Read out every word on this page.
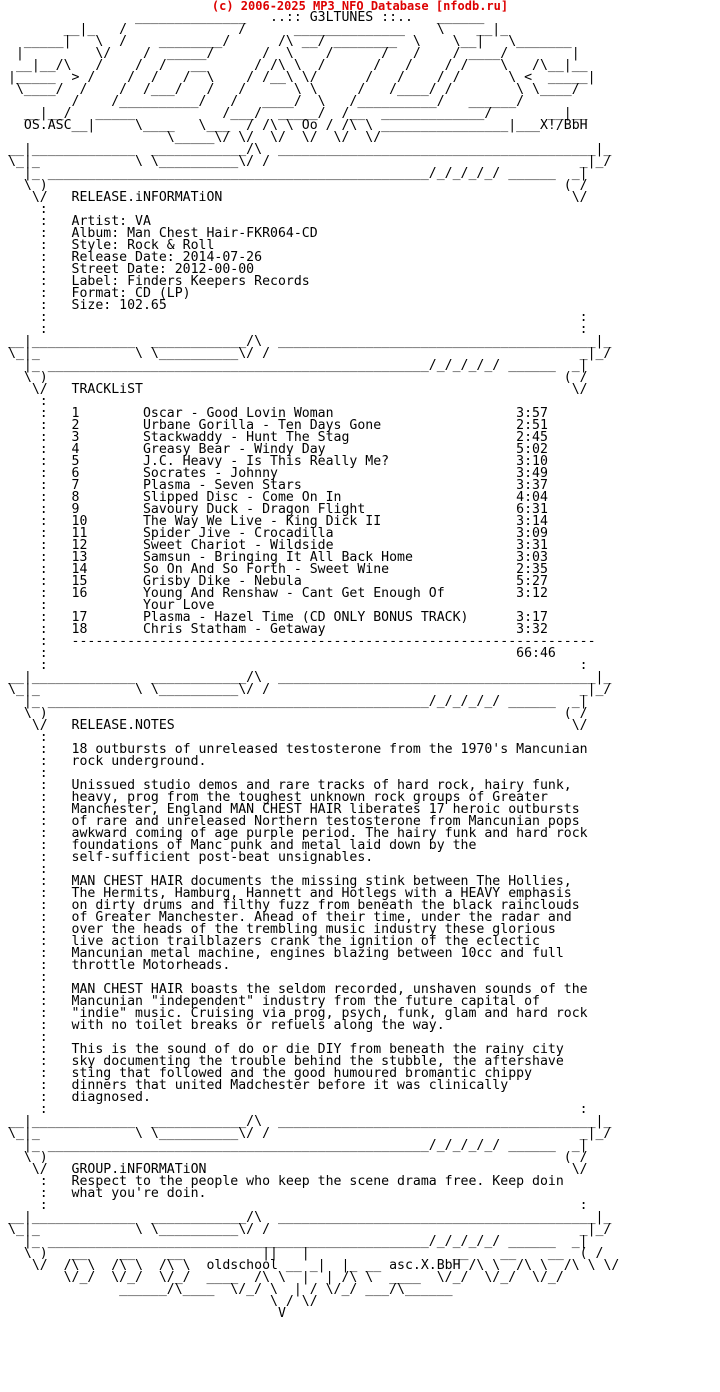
(c) 2006-2025 MP3 NFO Database [nfodb.ru]
______________   ..:: G3LTUNES ::..   ______
__|_   /              /      ______________    \    __|_
_____|   \  /    ________/      /\ __/ ________  \    \__|   \_______
|         \/    /  _____/      /  \    /      /   /    / ____/        |
__|__/\   /    /  /   __      / /\ \  /      /   /    / /    \   /\__|__
|_____  > /    /  /   /  \    / /__\ \/      /   /    / /      \ <  _____|
\____/  /    /  /___/   /   /      \ \     /   /____/ /        \ \____/
/    /__________/   /   ____/  \   /__________/   ______/
__|__/   _____           /___/  _____/  /__  _____________/       __|__
OS.ASC__|     \____   \___  / /\ \ Oo / /\ \ ________________|___X!/BbH
\_____\/ \/  \/  \/  \/  \/
__|_____________  ____________/\  ________________________________________|_
\_|_            \ \__________\/ /                                       _|_/
|_ ________________________________________________/_/_/_/_/ ______  _|
\ )                                                                 ( /
\/   RELEASE.iNFORMATiON                                            \/
:
:   Artist: VA
:   Album: Man Chest Hair-FKR064-CD
:   Style: Rock & Roll
:   Release Date: 2014-07-26
:   Street Date: 2012-00-00
:   Label: Finders Keepers Records
:   Format: CD (LP)
:   Size: 102.65
:                                                                   :
:                                                                   :
__|_____________  ____________/\  ________________________________________|_
\_|_            \ \__________\/ /                                       _|_/
|_ ________________________________________________/_/_/_/_/ ______  _|
\ )                                                                 ( /
\/   TRACKLiST                                                      \/
:
:   1        Oscar - Good Lovin Woman                       3:57
:   2        Urbane Gorilla - Ten Days Gone                 2:51
:   3        Stackwaddy - Hunt The Stag                     2:45
:   4        Greasy Bear - Windy Day                        5:02
:   5        J.C. Heavy - Is This Really Me?                3:10
:   6        Socrates - Johnny                              3:49
:   7        Plasma - Seven Stars                           3:37
:   8        Slipped Disc - Come On In                      4:04
:   9        Savoury Duck - Dragon Flight                   6:31
:   10       The Way We Live - King Dick II                 3:14
:   11       Spider Jive - Crocadilla                       3:09
:   12       Sweet Chariot - Wildside                       3:31
:   13       Samsun - Bringing It All Back Home             3:03
:   14       So On And So Forth - Sweet Wine                2:35
:   15       Grisby Dike - Nebula                           5:27
:   16       Young And Renshaw - Cant Get Enough Of         3:12
:            Your Love
:   17       Plasma - Hazel Time (CD ONLY BONUS TRACK)      3:17
:   18       Chris Statham - Getaway                        3:32
:   ------------------------------------------------------------------
:                                                           66:46
:                                                                   :
__|_____________  ____________/\  ________________________________________|_
\_|_            \ \__________\/ /                                       _|_/
|_ ________________________________________________/_/_/_/_/ ______  _|
\ )                                                                 ( /
\/   RELEASE.NOTES                                                  \/
:
:   18 outbursts of unreleased testosterone from the 1970's Mancunian
:   rock underground.
:
:   Unissued studio demos and rare tracks of hard rock, hairy funk,
:   heavy, prog from the toughest unknown rock groups of Greater
:   Manchester, England MAN CHEST HAIR liberates 17 heroic outbursts
:   of rare and unreleased Northern testosterone from Mancunian pops
:   awkward coming of age purple period. The hairy funk and hard rock
:   foundations of Manc punk and metal laid down by the
:   self-sufficient post-beat unsignables.
:
:   MAN CHEST HAIR documents the missing stink between The Hollies,
:   The Hermits, Hamburg, Hannett and Hotlegs with a HEAVY emphasis
:   on dirty drums and filthy fuzz from beneath the black rainclouds
:   of Greater Manchester. Ahead of their time, under the radar and
:   over the heads of the trembling music industry these glorious
:   live action trailblazers crank the ignition of the eclectic
:   Mancunian metal machine, engines blazing between 10cc and full
:   throttle Motorheads.
:
:   MAN CHEST HAIR boasts the seldom recorded, unshaven sounds of the
:   Mancunian "independent" industry from the future capital of
:   "indie" music. Cruising via prog, psych, funk, glam and hard rock
:   with no toilet breaks or refuels along the way.
:
:   This is the sound of do or die DIY from beneath the rainy city
:   sky documenting the trouble behind the stubble, the aftershave
:   sting that followed and the good humoured bromantic chippy
:   dinners that united Madchester before it was clinically
:   diagnosed.
:                                                                   :
__|_____________  ____________/\  ________________________________________|_
\_|_            \ \__________\/ /                                       _|_/
|_ ________________________________________________/_/_/_/_/ ______  _|
\ )                                                                 ( /
\/   GROUP.iNFORMATiON                                              \/
:   Respect to the people who keep the scene drama free. Keep doin
:   what you're doin.
:                                                                   :
__|_____________  ____________/\  ________________________________________|_
\_|_            \ \__________\/ /                                       _|_/
|_ ________________________________________________/_/_/_/_/ ______  _|
\ )   __    __    __          ||   |                  __    __    __  ( /
\/  /\ \  /\ \  /\ \  oldschool __ _|  |_ __ asc.X.BbH /\ \  /\ \  /\ \ \/
\/_/  \/_/  \/_/  ____  /\ \  |  | /\ \  ____  \/_/  \/_/  \/_/
______/\____  \/_/ \  | / \/_/ ___/\______
\ / \/
V
